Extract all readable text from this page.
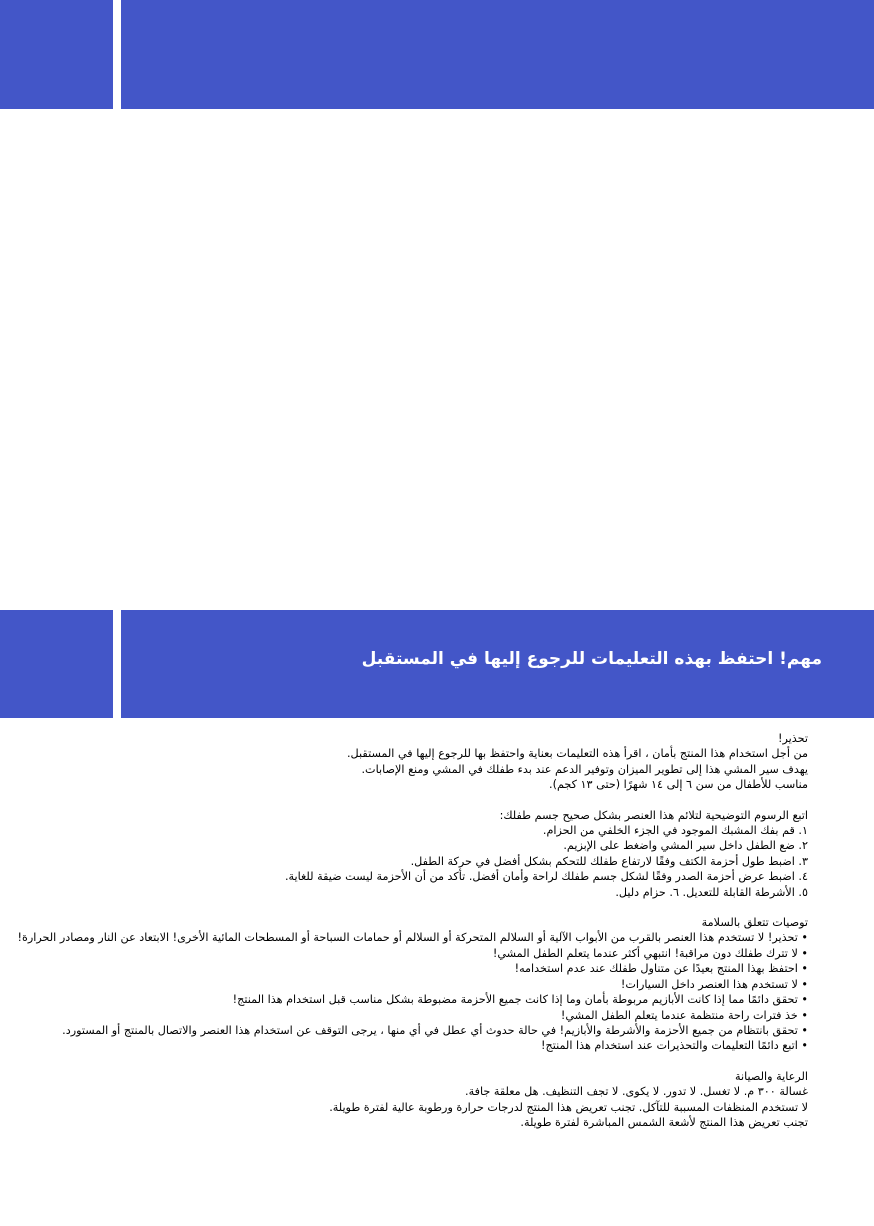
مهم! احتفظ بهذه التعليمات للرجوع إليها في المستقبل

تحذير!

من أجل استخدام هذا المنتج بأمان ، اقرأ هذه التعليمات بعناية واحتفظ بها للرجوع إليها في المستقبل.

يهدف سير المشي هذا إلى تطوير الميزان وتوفير الدعم عند بدء طفلك في المشي ومنع الإصابات.

مناسب للأطفال من سن ٦ إلى ١٤ شهرًا (حتى ١٣ كجم).

اتبع الرسوم التوضيحية لتلائم هذا العنصر بشكل صحيح جسم طفلك:

١. قم بفك المشبك الموجود في الجزء الخلفي من الحزام.

٢. ضع الطفل داخل سير المشي واضغط على الإبزيم.

٣. اضبط طول أحزمة الكتف وفقًا لارتفاع طفلك للتحكم بشكل أفضل في حركة الطفل.

٤. اضبط عرض أحزمة الصدر وفقًا لشكل جسم طفلك لراحة وأمان أفضل. تأكد من أن الأحزمة ليست ضيقة للغاية.

٥. الأشرطة القابلة للتعديل. ٦. حزام دليل.

توصيات تتعلق بالسلامة

• تحذير! لا تستخدم هذا العنصر بالقرب من الأبواب الآلية أو السلالم المتحركة أو السلالم أو حمامات السباحة أو المسطحات المائية الأخرى! الابتعاد عن النار ومصادر الحرارة!

• لا تترك طفلك دون مراقبة! انتبهي أكثر عندما يتعلم الطفل المشي!

• احتفظ بهذا المنتج بعيدًا عن متناول طفلك عند عدم استخدامه!

• لا تستخدم هذا العنصر داخل السيارات!

• تحقق دائمًا مما إذا كانت الأبازيم مربوطة بأمان وما إذا كانت جميع الأحزمة مضبوطة بشكل مناسب قبل استخدام هذا المنتج!

• خذ فترات راحة منتظمة عندما يتعلم الطفل المشي!

• تحقق بانتظام من جميع الأحزمة والأشرطة والأبازيم! في حالة حدوث أي عطل في أي منها ، يرجى التوقف عن استخدام هذا العنصر والاتصال بالمنتج أو المستورد.

• اتبع دائمًا التعليمات والتحذيرات عند استخدام هذا المنتج!

الرعاية والصيانة

غسالة ٣٠٠ م. لا تغسل. لا تدور. لا يكوى. لا تجف التنظيف. هل معلقة جافة.

لا تستخدم المنظفات المسببة للتآكل. تجنب تعريض هذا المنتج لدرجات حرارة ورطوبة عالية لفترة طويلة.

تجنب تعريض هذا المنتج لأشعة الشمس المباشرة لفترة طويلة.
